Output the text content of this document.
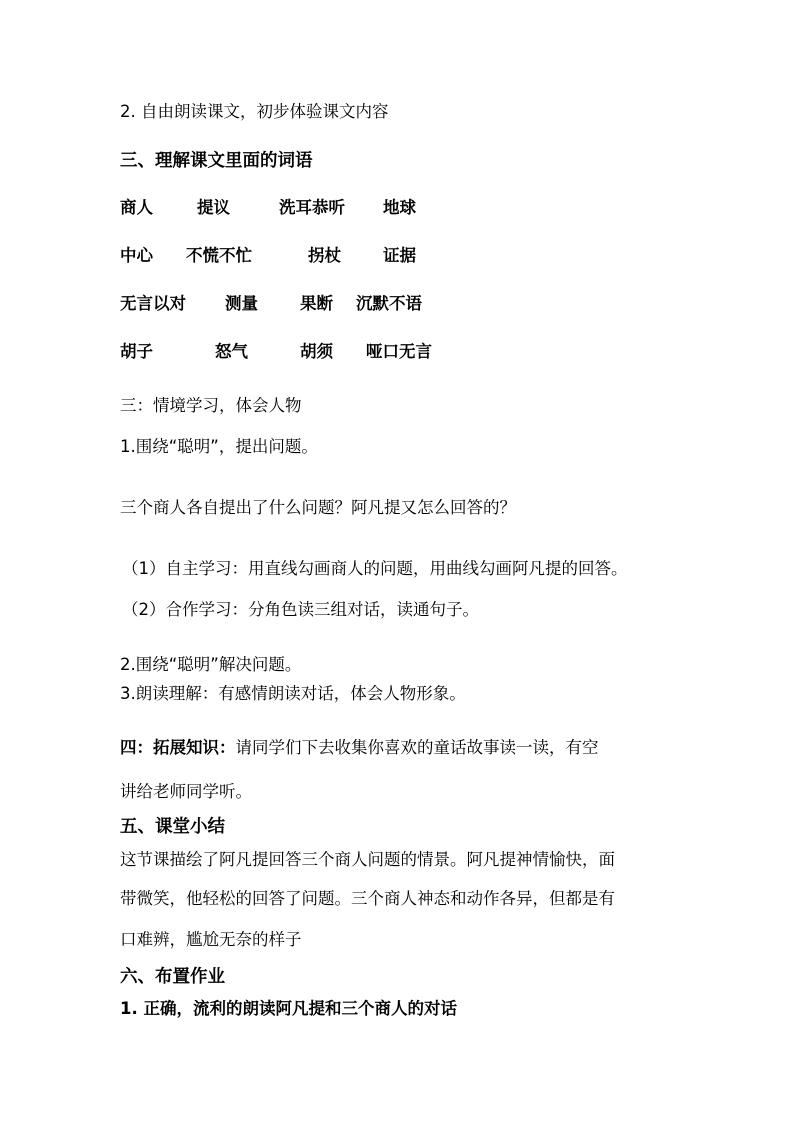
2. 自由朗读课文，初步体验课文内容
三、理解课文里面的词语
商人	提议	洗耳恭听 地球
中心 不慌不忙	拐杖	证据
无言以对 测量	果断 沉默不语
胡子	怒气	胡须 哑口无言
三：情境学习，体会人物
1.围绕“聪明”，提出问题。
三个商人各自提出了什么问题？阿凡提又怎么回答的？
（1）自主学习：用直线勾画商人的问题，用曲线勾画阿凡提的回答。
（2）合作学习：分角色读三组对话，读通句子。
2.围绕“聪明”解决问题。
3.朗读理解：有感情朗读对话，体会人物形象。
四：拓展知识：请同学们下去收集你喜欢的童话故事读一读，有空
讲给老师同学听。
五、课堂小结
这节课描绘了阿凡提回答三个商人问题的情景。阿凡提神情愉快，面
带微笑，他轻松的回答了问题。三个商人神态和动作各异，但都是有
口难辨，尴尬无奈的样子
六、布置作业
1. 正确，流利的朗读阿凡提和三个商人的对话
